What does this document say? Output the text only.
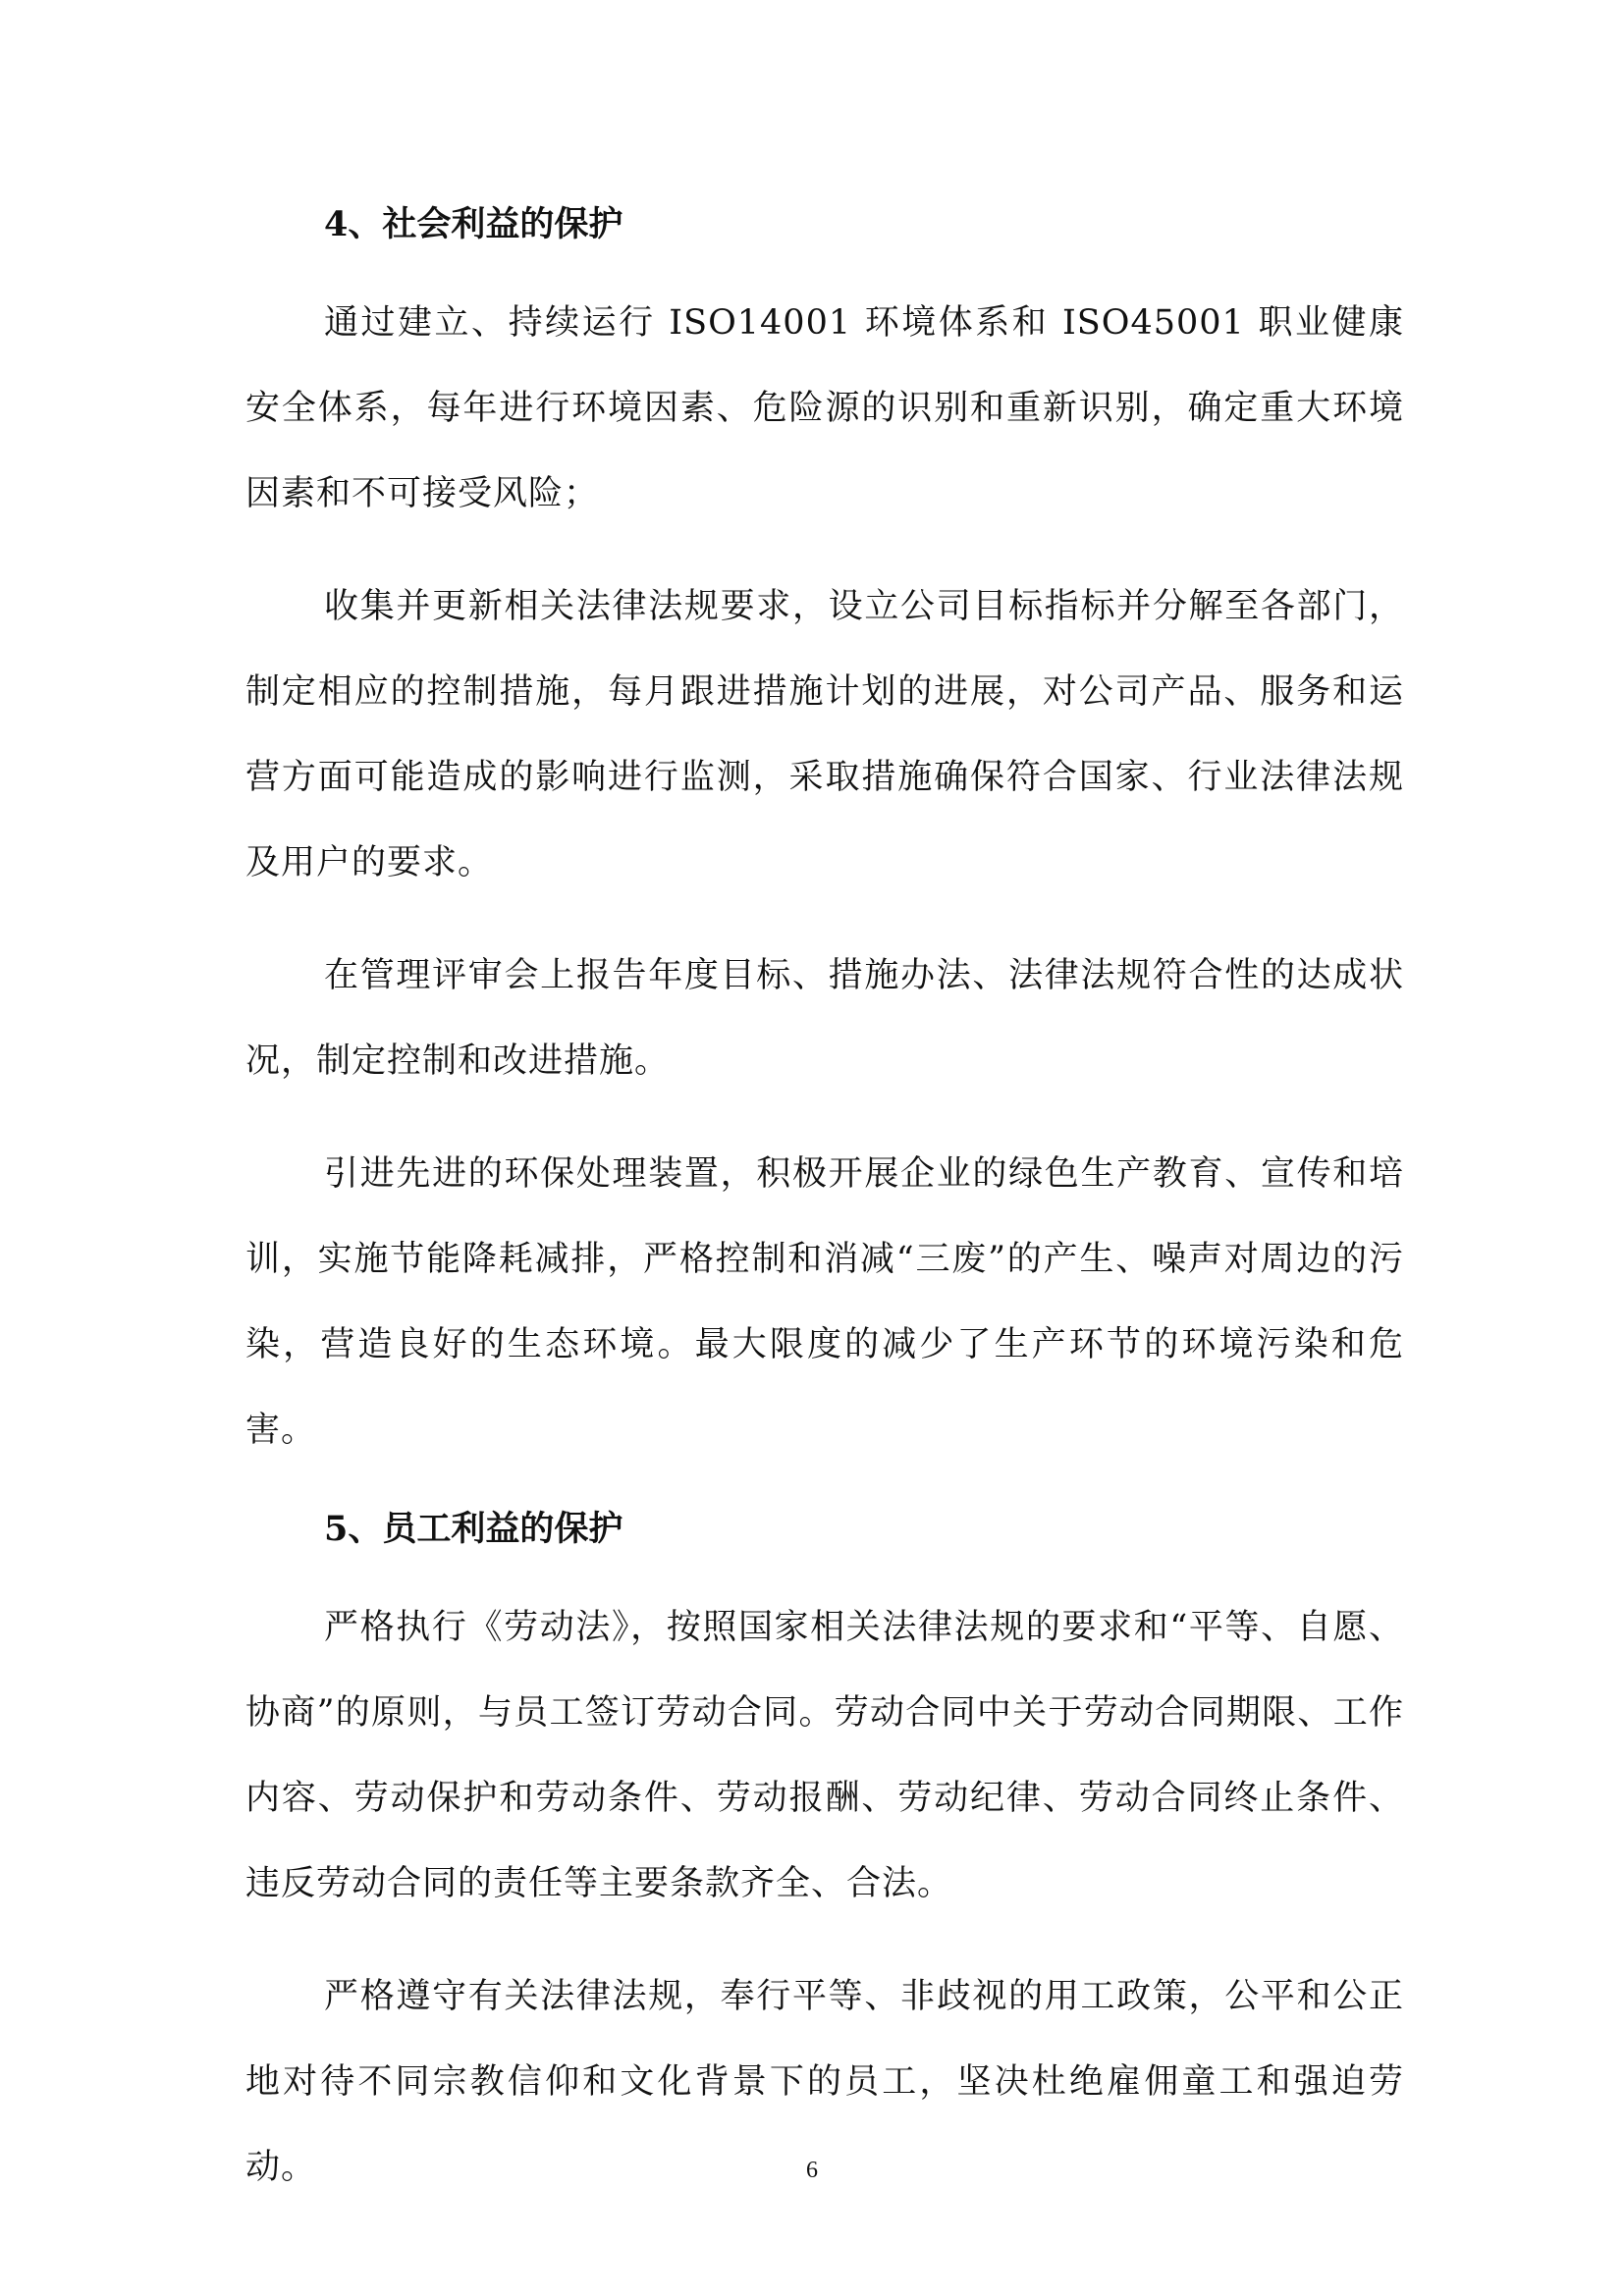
4、社会利益的保护

通过建立、持续运行 ISO14001 环境体系和 ISO45001 职业健康安全体系，每年进行环境因素、危险源的识别和重新识别，确定重大环境因素和不可接受风险；

收集并更新相关法律法规要求，设立公司目标指标并分解至各部门，制定相应的控制措施，每月跟进措施计划的进展，对公司产品、服务和运营方面可能造成的影响进行监测，采取措施确保符合国家、行业法律法规及用户的要求。

在管理评审会上报告年度目标、措施办法、法律法规符合性的达成状况，制定控制和改进措施。

引进先进的环保处理装置，积极开展企业的绿色生产教育、宣传和培训，实施节能降耗减排，严格控制和消减“三废”的产生、噪声对周边的污染，营造良好的生态环境。最大限度的减少了生产环节的环境污染和危害。

5、员工利益的保护

严格执行《劳动法》，按照国家相关法律法规的要求和“平等、自愿、协商”的原则，与员工签订劳动合同。劳动合同中关于劳动合同期限、工作内容、劳动保护和劳动条件、劳动报酬、劳动纪律、劳动合同终止条件、违反劳动合同的责任等主要条款齐全、合法。

严格遵守有关法律法规，奉行平等、非歧视的用工政策，公平和公正地对待不同宗教信仰和文化背景下的员工，坚决杜绝雇佣童工和强迫劳动。	6
